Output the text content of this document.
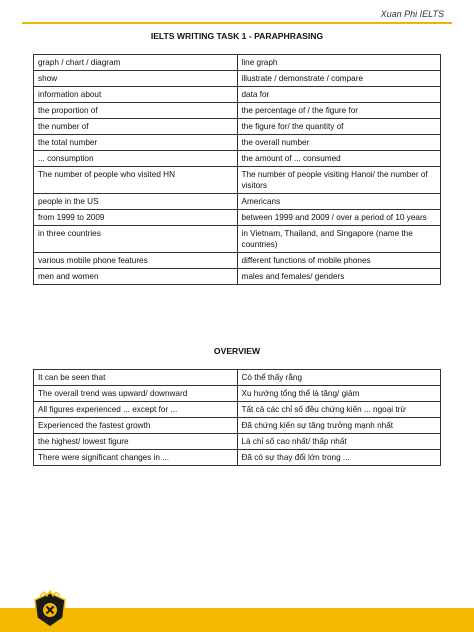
Xuan Phi IELTS
IELTS WRITING TASK 1 - PARAPHRASING
graph / chart / diagram	line graph
show	illustrate / demonstrate / compare
information about	data for
the proportion of	the percentage of / the figure for
the number of	the figure for/ the quantity of
the total number	the overall number
... consumption	the amount of ... consumed
The number of people who visited HN	The number of people visiting Hanoi/ the number of visitors
people in the US	Americans
from 1999 to 2009	between 1999 and 2009 / over a period of 10 years
in three countries	in Vietnam, Thailand, and Singapore (name the countries)
various mobile phone features	different functions of mobile phones
men and women	males and females/ genders
OVERVIEW
It can be seen that	Có thể thấy rằng
The overall trend was upward/ downward	Xu hướng tổng thể là tăng/ giảm
All figures experienced ... except for ...	Tất cả các chỉ số đều chứng kiến ... ngoại trừ
Experienced the fastest growth	Đã chứng kiến sự tăng trưởng mạnh nhất
the highest/ lowest figure	Là chỉ số cao nhất/ thấp nhất
There were significant changes in ...	Đã có sự thay đổi lớn trong ...
